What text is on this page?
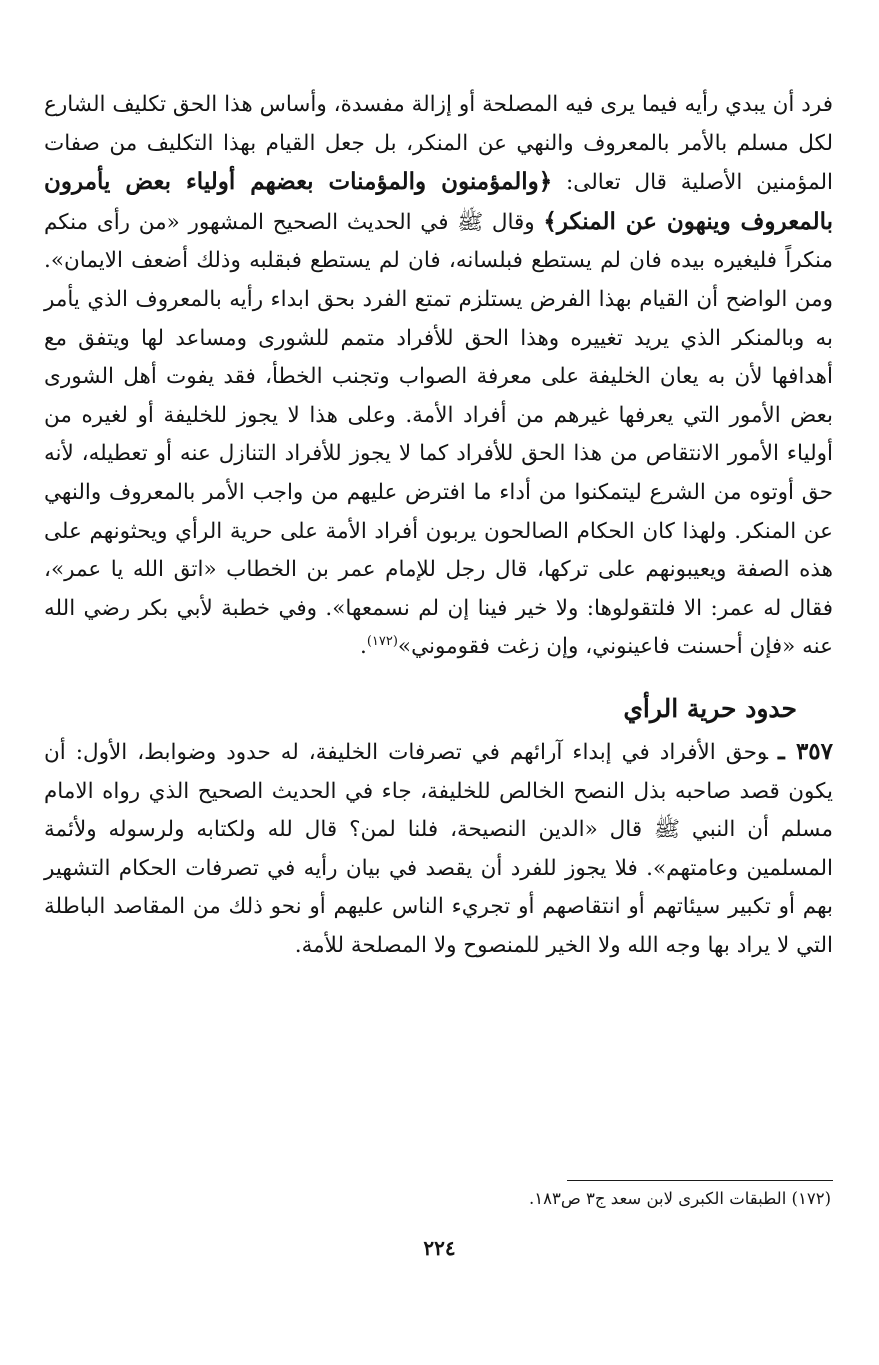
فرد أن يبدي رأيه فيما يرى فيه المصلحة أو إزالة مفسدة، وأساس هذا الحق تكليف الشارع لكل مسلم بالأمر بالمعروف والنهي عن المنكر، بل جعل القيام بهذا التكليف من صفات المؤمنين الأصلية قال تعالى: ﴿والمؤمنون والمؤمنات بعضهم أولياء بعض يأمرون بالمعروف وينهون عن المنكر﴾ وقال ﷺ في الحديث الصحيح المشهور «من رأى منكم منكراً فليغيره بيده فان لم يستطع فبلسانه، فان لم يستطع فبقلبه وذلك أضعف الايمان». ومن الواضح أن القيام بهذا الفرض يستلزم تمتع الفرد بحق ابداء رأيه بالمعروف الذي يأمر به وبالمنكر الذي يريد تغييره وهذا الحق للأفراد متمم للشورى ومساعد لها ويتفق مع أهدافها لأن به يعان الخليفة على معرفة الصواب وتجنب الخطأ، فقد يفوت أهل الشورى بعض الأمور التي يعرفها غيرهم من أفراد الأمة. وعلى هذا لا يجوز للخليفة أو لغيره من أولياء الأمور الانتقاص من هذا الحق للأفراد كما لا يجوز للأفراد التنازل عنه أو تعطيله، لأنه حق أوتوه من الشرع ليتمكنوا من أداء ما افترض عليهم من واجب الأمر بالمعروف والنهي عن المنكر. ولهذا كان الحكام الصالحون يربون أفراد الأمة على حرية الرأي ويحثونهم على هذه الصفة ويعيبونهم على تركها، قال رجل للإمام عمر بن الخطاب «اتق الله يا عمر»، فقال له عمر: الا فلتقولوها: ولا خير فينا إن لم نسمعها». وفي خطبة لأبي بكر رضي الله عنه «فإن أحسنت فاعينوني، وإن زغت فقوموني»$^{(١٧٢)}$.

حدود حرية الرأي

٣٥٧ ـوحق الأفراد في إبداء آرائهم في تصرفات الخليفة، له حدود وضوابط، الأول: أن يكون قصد صاحبه بذل النصح الخالص للخليفة، جاء في الحديث الصحيح الذي رواه الامام مسلم أن النبي ﷺ قال «الدين النصيحة، فلنا لمن؟ قال لله ولكتابه ولرسوله ولأئمة المسلمين وعامتهم». فلا يجوز للفرد أن يقصد في بيان رأيه في تصرفات الحكام التشهير بهم أو تكبير سيئاتهم أو انتقاصهم أو تجريء الناس عليهم أو نحو ذلك من المقاصد الباطلة التي لا يراد بها وجه الله ولا الخير للمنصوح ولا المصلحة للأمة.

(١٧٢) الطبقات الكبرى لابن سعد ج٣ ص١٨٣.
٢٢٤
